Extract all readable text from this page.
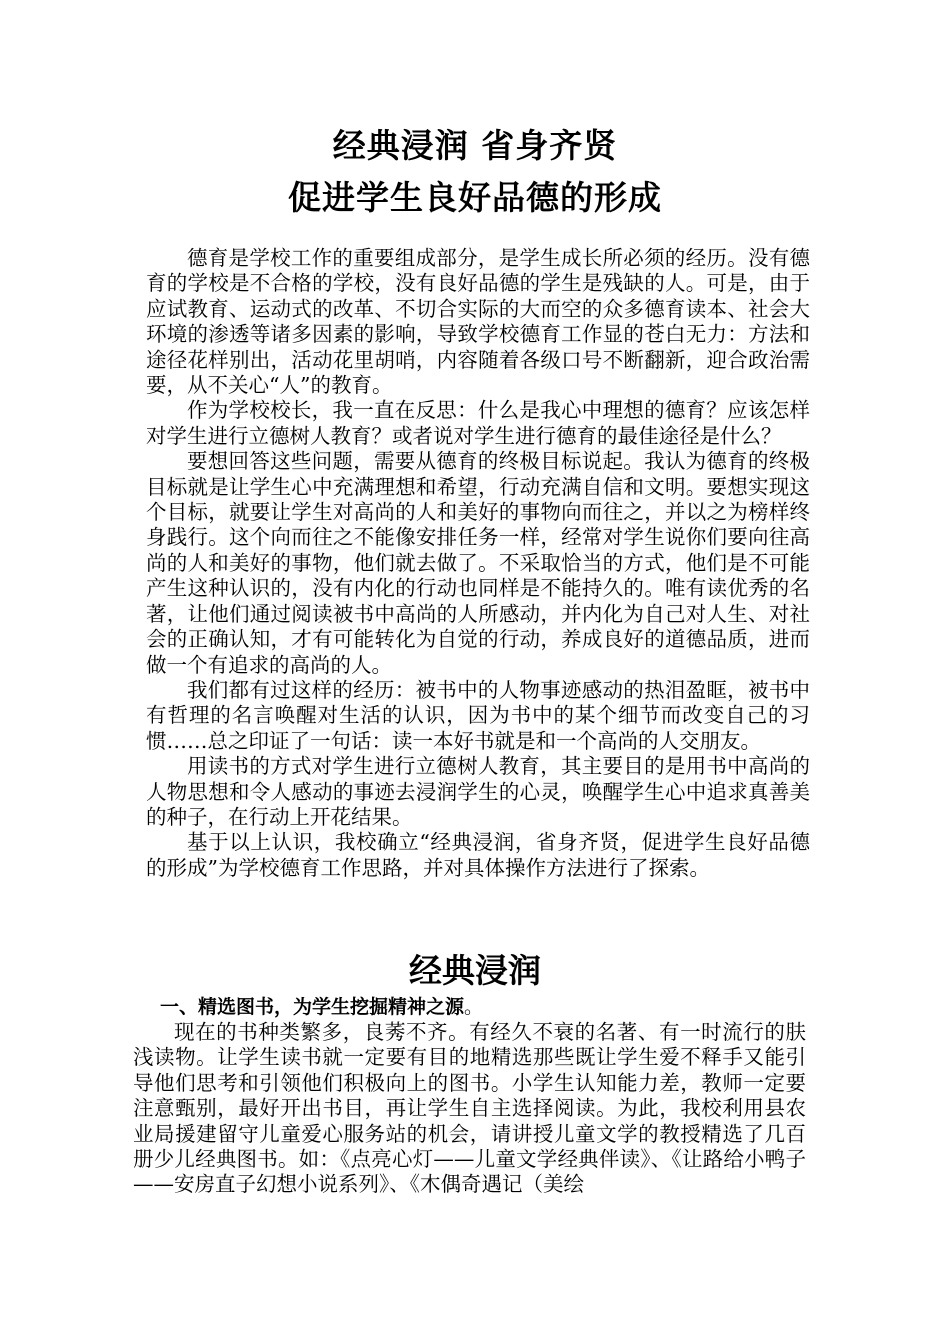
经典浸润 省身齐贤
促进学生良好品德的形成

德育是学校工作的重要组成部分，是学生成长所必须的经历。没有德育的学校是不合格的学校，没有良好品德的学生是残缺的人。可是，由于应试教育、运动式的改革、不切合实际的大而空的众多德育读本、社会大环境的渗透等诸多因素的影响，导致学校德育工作显的苍白无力：方法和途径花样别出，活动花里胡哨，内容随着各级口号不断翻新，迎合政治需要，从不关心“人”的教育。

作为学校校长，我一直在反思：什么是我心中理想的德育？应该怎样对学生进行立德树人教育？或者说对学生进行德育的最佳途径是什么？

要想回答这些问题，需要从德育的终极目标说起。我认为德育的终极目标就是让学生心中充满理想和希望，行动充满自信和文明。要想实现这个目标，就要让学生对高尚的人和美好的事物向而往之，并以之为榜样终身践行。这个向而往之不能像安排任务一样，经常对学生说你们要向往高尚的人和美好的事物，他们就去做了。不采取恰当的方式，他们是不可能产生这种认识的，没有内化的行动也同样是不能持久的。唯有读优秀的名著，让他们通过阅读被书中高尚的人所感动，并内化为自己对人生、对社会的正确认知，才有可能转化为自觉的行动，养成良好的道德品质，进而做一个有追求的高尚的人。

我们都有过这样的经历：被书中的人物事迹感动的热泪盈眶，被书中有哲理的名言唤醒对生活的认识，因为书中的某个细节而改变自己的习惯……总之印证了一句话：读一本好书就是和一个高尚的人交朋友。

用读书的方式对学生进行立德树人教育，其主要目的是用书中高尚的人物思想和令人感动的事迹去浸润学生的心灵，唤醒学生心中追求真善美的种子，在行动上开花结果。

基于以上认识，我校确立“经典浸润，省身齐贤，促进学生良好品德的形成”为学校德育工作思路，并对具体操作方法进行了探索。

经典浸润
一、精选图书，为学生挖掘精神之源。

现在的书种类繁多，良莠不齐。有经久不衰的名著、有一时流行的肤浅读物。让学生读书就一定要有目的地精选那些既让学生爱不释手又能引导他们思考和引领他们积极向上的图书。小学生认知能力差，教师一定要注意甄别，最好开出书目，再让学生自主选择阅读。为此，我校利用县农业局援建留守儿童爱心服务站的机会，请讲授儿童文学的教授精选了几百册少儿经典图书。如：《点亮心灯——儿童文学经典伴读》、《让路给小鸭子——安房直子幻想小说系列》、《木偶奇遇记（美绘
